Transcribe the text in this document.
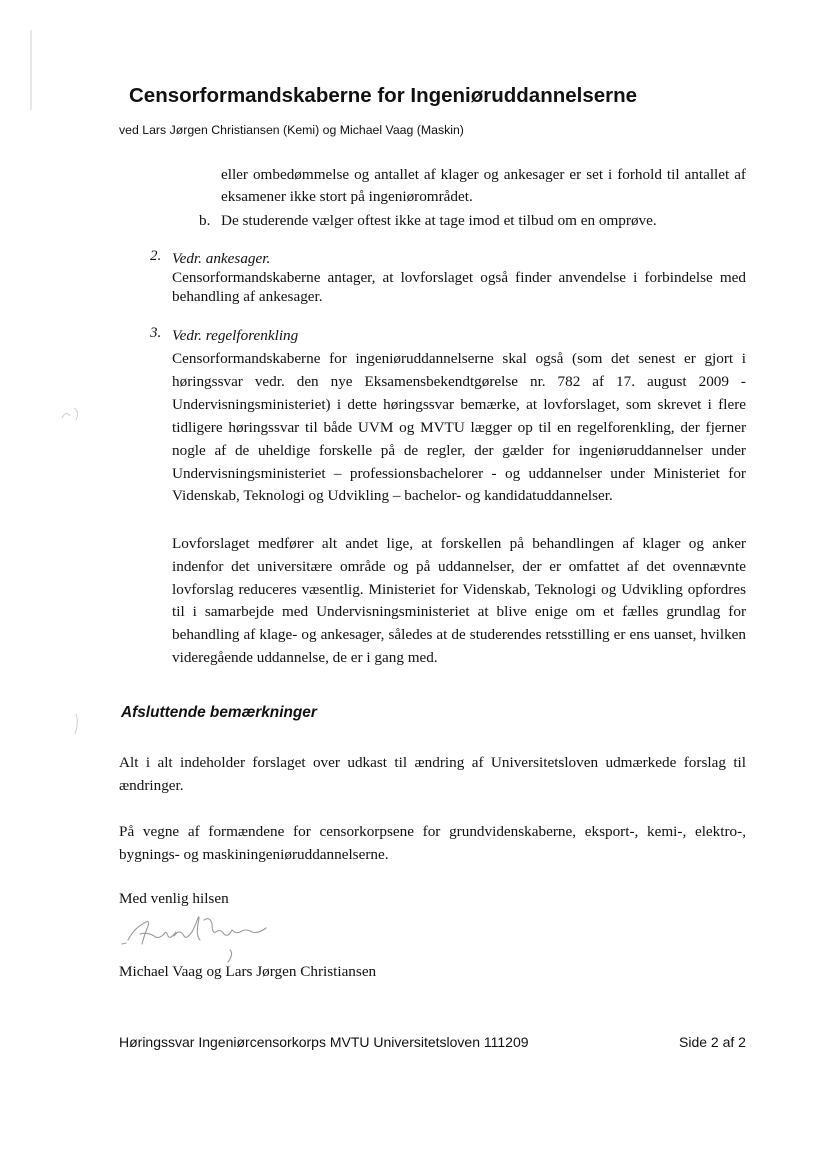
Censorformandskaberne for Ingeniøruddannelserne
ved Lars Jørgen Christiansen (Kemi) og Michael Vaag (Maskin)
eller ombedømmelse og antallet af klager og ankesager er set i forhold til antallet af eksamener ikke stort på ingeniørområdet.
b. De studerende vælger oftest ikke at tage imod et tilbud om en omprøve.
2. Vedr. ankesager.
Censorformandskaberne antager, at lovforslaget også finder anvendelse i forbindelse med behandling af ankesager.
3. Vedr. regelforenkling
Censorformandskaberne for ingeniøruddannelserne skal også (som det senest er gjort i høringssvar vedr. den nye Eksamensbekendtgørelse nr. 782 af 17. august 2009 - Undervisningsministeriet) i dette høringssvar bemærke, at lovforslaget, som skrevet i flere tidligere høringssvar til både UVM og MVTU lægger op til en regelforenkling, der fjerner nogle af de uheldige forskelle på de regler, der gælder for ingeniøruddannelser under Undervisningsministeriet – professionsbachelorer - og uddannelser under Ministeriet for Videnskab, Teknologi og Udvikling – bachelor- og kandidatuddannelser.
Lovforslaget medfører alt andet lige, at forskellen på behandlingen af klager og anker indenfor det universitære område og på uddannelser, der er omfattet af det ovennævnte lovforslag reduceres væsentlig. Ministeriet for Videnskab, Teknologi og Udvikling opfordres til i samarbejde med Undervisningsministeriet at blive enige om et fælles grundlag for behandling af klage- og ankesager, således at de studerendes retsstilling er ens uanset, hvilken videregående uddannelse, de er i gang med.
Afsluttende bemærkninger
Alt i alt indeholder forslaget over udkast til ændring af Universitetsloven udmærkede forslag til ændringer.
På vegne af formændene for censorkorpsene for grundvidenskaberne, eksport-, kemi-, elektro-, bygnings- og maskiningeniøruddannelserne.
Med venlig hilsen
Michael Vaag og Lars Jørgen Christiansen
Høringssvar Ingeniørcensorkorps MVTU Universitetsloven 111209	Side 2 af 2
